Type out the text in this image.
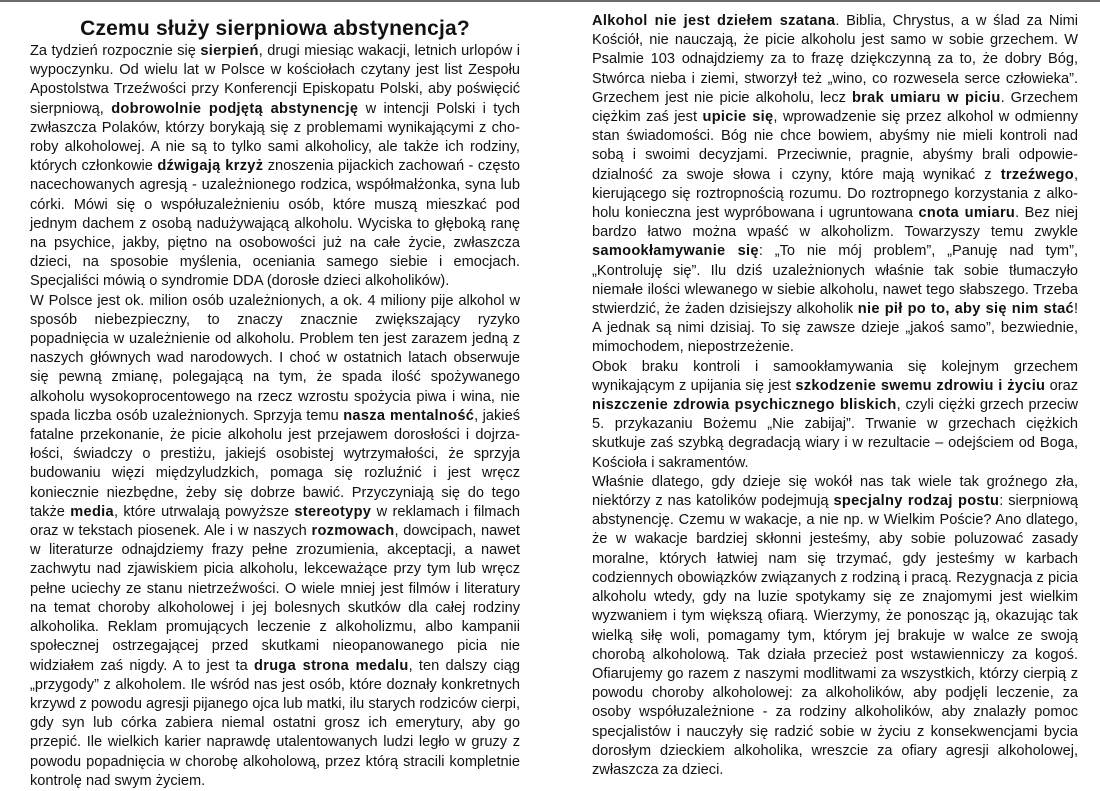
Czemu służy sierpniowa abstynencja?

Za tydzień rozpocznie się sierpień, drugi miesiąc wakacji, letnich urlopów i wypoczynku. Od wielu lat w Polsce w kościołach czytany jest list Zespołu Apostolstwa Trzeźwości przy Konferencji Episkopatu Polski, aby poświęcić sierpniową, dobrowolnie podjętą abstynencję w intencji Polski i tych zwłaszcza Polaków, którzy borykają się z problemami wynikającymi z choroby alkoholowej. A nie są to tylko sami alkoholicy, ale także ich rodziny, których członkowie dźwigają krzyż znoszenia pijackich zachowań - często nacechowanych agresją - uzależnionego rodzica, współmałżonka, syna lub córki. Mówi się o współuzależnieniu osób, które muszą mieszkać pod jednym dachem z osobą nadużywającą alkoholu. Wyciska to głęboką ranę na psychice, jakby, piętno na osobowości już na całe życie, zwłaszcza dzieci, na sposobie myślenia, oceniania samego siebie i emocjach. Specjaliści mówią o syndromie DDA (dorosłe dzieci alkoholików).

W Polsce jest ok. milion osób uzależnionych, a ok. 4 miliony pije alkohol w sposób niebezpieczny, to znaczy znacznie zwiększający ryzyko popadnięcia w uzależnienie od alkoholu. Problem ten jest zarazem jedną z naszych głównych wad narodowych. I choć w ostatnich latach obserwuje się pewną zmianę, polegającą na tym, że spada ilość spożywanego alkoholu wysokoprocentowego na rzecz wzrostu spożycia piwa i wina, nie spada liczba osób uzależnionych. Sprzyja temu nasza mentalność, jakieś fatalne przekonanie, że picie alkoholu jest przejawem dorosłości i dojrzałości, świadczy o prestiżu, jakiejś osobistej wytrzymałości, że sprzyja budowaniu więzi międzyludzkich, pomaga się rozluźnić i jest wręcz koniecznie niezbędne, żeby się dobrze bawić. Przyczyniają się do tego także media, które utrwalają powyższe stereotypy w reklamach i filmach oraz w tekstach piosenek. Ale i w naszych rozmowach, dowcipach, nawet w literaturze odnajdziemy frazy pełne zrozumienia, akceptacji, a nawet zachwytu nad zjawiskiem picia alkoholu, lekceważące przy tym lub wręcz pełne uciechy ze stanu nietrzeźwości. O wiele mniej jest filmów i literatury na temat choroby alkoholowej i jej bolesnych skutków dla całej rodziny alkoholika. Reklam promujących leczenie z alkoholizmu, albo kampanii społecznej ostrzegającej przed skutkami nieopanowanego picia nie widziałem zaś nigdy. A to jest ta druga strona medalu, ten dalszy ciąg „przygody” z alkoholem. Ile wśród nas jest osób, które doznały konkretnych krzywd z powodu agresji pijanego ojca lub matki, ilu starych rodziców cierpi, gdy syn lub córka zabiera niemal ostatni grosz ich emerytury, aby go przepić. Ile wielkich karier naprawdę utalentowanych ludzi legło w gruzy z powodu popadnięcia w chorobę alkoholową, przez którą stracili kompletnie kontrolę nad swym życiem.

Alkohol nie jest dziełem szatana. Biblia, Chrystus, a w ślad za Nimi Kościół, nie nauczają, że picie alkoholu jest samo w sobie grzechem. W Psalmie 103 odnajdziemy za to frazę dziękczynną za to, że dobry Bóg, Stwórca nieba i ziemi, stworzył też „wino, co rozwesela serce człowieka”. Grzechem jest nie picie alkoholu, lecz brak umiaru w piciu. Grzechem ciężkim zaś jest upicie się, wprowadzenie się przez alkohol w odmienny stan świadomości. Bóg nie chce bowiem, abyśmy nie mieli kontroli nad sobą i swoimi decyzjami. Przeciwnie, pragnie, abyśmy brali odpowiedzialność za swoje słowa i czyny, które mają wynikać z trzeźwego, kierującego się roztropnością rozumu. Do roztropnego korzystania z alkoholu konieczna jest wypróbowana i ugruntowana cnota umiaru. Bez niej bardzo łatwo można wpaść w alkoholizm. Towarzyszy temu zwykle samookłamywanie się: „To nie mój problem”, „Panuję nad tym”, „Kontroluję się”. Ilu dziś uzależnionych właśnie tak sobie tłumaczyło niemałe ilości wlewanego w siebie alkoholu, nawet tego słabszego. Trzeba stwierdzić, że żaden dzisiejszy alkoholik nie pił po to, aby się nim stać! A jednak są nimi dzisiaj. To się zawsze dzieje „jakoś samo”, bezwiednie, mimochodem, niepostrzeżenie.

Obok braku kontroli i samookłamywania się kolejnym grzechem wynikającym z upijania się jest szkodzenie swemu zdrowiu i życiu oraz niszczenie zdrowia psychicznego bliskich, czyli ciężki grzech przeciw 5. przykazaniu Bożemu „Nie zabijaj”. Trwanie w grzechach ciężkich skutkuje zaś szybką degradacją wiary i w rezultacie – odejściem od Boga, Kościoła i sakramentów.

Właśnie dlatego, gdy dzieje się wokół nas tak wiele tak groźnego zła, niektórzy z nas katolików podejmują specjalny rodzaj postu: sierpniową abstynencję. Czemu w wakacje, a nie np. w Wielkim Poście? Ano dlatego, że w wakacje bardziej skłonni jesteśmy, aby sobie poluzować zasady moralne, których łatwiej nam się trzymać, gdy jesteśmy w karbach codziennych obowiązków związanych z rodziną i pracą. Rezygnacja z picia alkoholu wtedy, gdy na luzie spotykamy się ze znajomymi jest wielkim wyzwaniem i tym większą ofiarą. Wierzymy, że ponosząc ją, okazując tak wielką siłę woli, pomagamy tym, którym jej brakuje w walce ze swoją chorobą alkoholową. Tak działa przecież post wstawienniczy za kogoś. Ofiarujemy go razem z naszymi modlitwami za wszystkich, którzy cierpią z powodu choroby alkoholowej: za alkoholików, aby podjęli leczenie, za osoby współuzależnione - za rodziny alkoholików, aby znalazły pomoc specjalistów i nauczyły się radzić sobie w życiu z konsekwencjami bycia dorosłym dzieckiem alkoholika, wreszcie za ofiary agresji alkoholowej, zwłaszcza za dzieci.
